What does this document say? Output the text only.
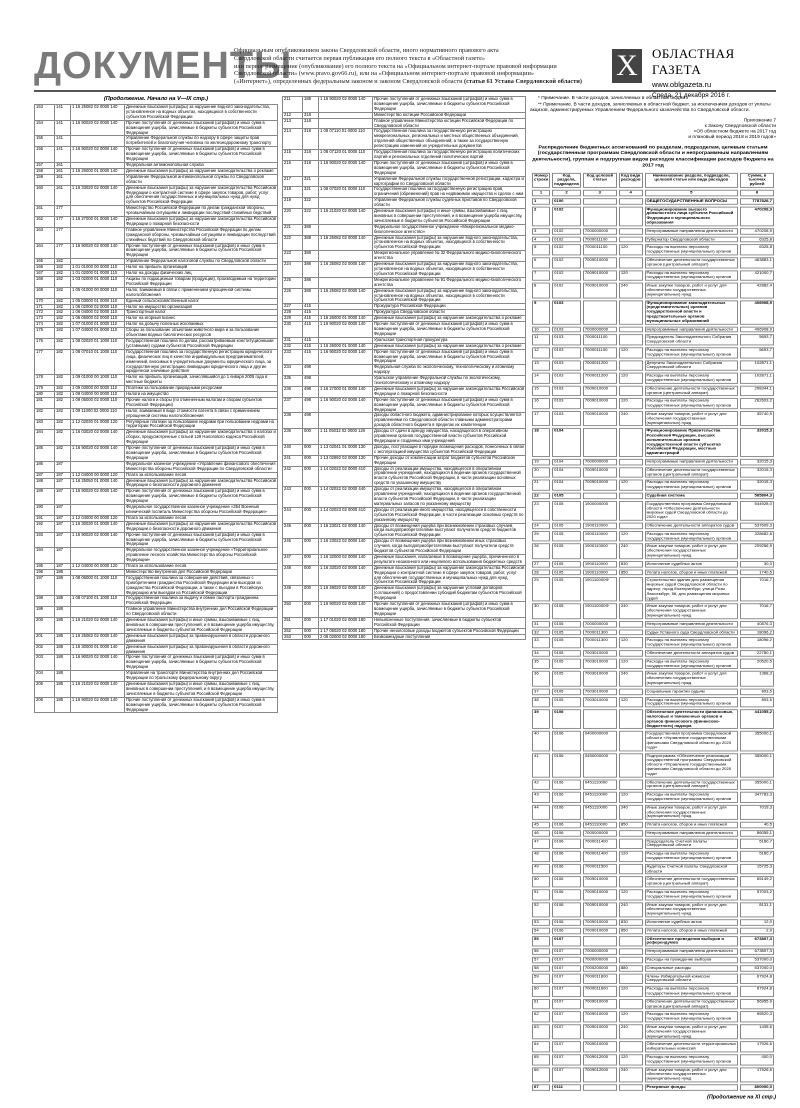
ДОКУМЕНТЫ
Официальным опубликованием закона Свердловской области, иного нормативного правового акта
Свердловской области считается первая публикация его полного текста в «Областной газете»
или первое размещение (опубликование) его полного текста на «Официальном интернет-портале правовой информации
Свердловской области» (www.pravo.gov66.ru), или на «Официальном интернет-портале правовой информации»
(«Интернет»), определенных федеральным законом и законом Свердловской области (статья 61 Устава Свердловской области)	X	ОБЛАСТНАЯ ГАЗЕТА
www.oblgazeta.ru
Среда, 21 декабря 2016 г.
(Продолжение. Начало на V—IX стр.)
153	141	1 16 25082 02 0000 140	Денежные взыскания (штрафы) за нарушение водного законодательства, установленное на водных объектах, находящихся в собственности субъектов Российской Федерации
154	141	1 16 90020 02 0000 140	Прочие поступления от денежных взысканий (штрафов) и иных сумм в возмещение ущерба, зачисляемые в бюджеты субъектов Российской Федерации
155	141		Управление Федеральной службы по надзору в сфере защиты прав потребителей и благополучия человека по железнодорожному транспорту
156	141	1 16 90020 02 0000 140	Прочие поступления от денежных взысканий (штрафов) и иных сумм в возмещение ущерба, зачисляемые в бюджеты субъектов Российской Федерации
157	161		Федеральная антимонопольная служба
158	161	1 16 26000 01 0000 140	Денежные взыскания (штрафы) за нарушение законодательства о рекламе
159	161		Управление Федеральной антимонопольной службы по Свердловской области
160	161	1 16 33020 02 0000 140	Денежные взыскания (штрафы) за нарушение законодательства Российской Федерации о контрактной системе в сфере закупок товаров, работ, услуг для обеспечения государственных и муниципальных нужд для нужд субъектов Российской Федерации
161	177		Министерство Российской Федерации по делам гражданской обороны, чрезвычайным ситуациям и ликвидации последствий стихийных бедствий
162	177	1 16 27000 01 0000 140	Денежные взыскания (штрафы) за нарушение законодательства Российской Федерации о пожарной безопасности
163	177		Главное управление Министерства Российской Федерации по делам гражданской обороны, чрезвычайным ситуациям и ликвидации последствий стихийных бедствий по Свердловской области
164	177	1 16 90020 02 0000 140	Прочие поступления от денежных взысканий (штрафов) и иных сумм в возмещение ущерба, зачисляемые в бюджеты субъектов Российской Федерации
165	182		Управление Федеральной налоговой службы по Свердловской области
166	182	1 01 01000 00 0000 110	Налог на прибыль организаций
167	182	1 01 02000 01 0000 110	Налог на доходы физических лиц
168	182	1 03 02000 01 0000 110	Акцизы по подакцизным товарам (продукции), производимым на территории Российской Федерации
169	182	1 05 01000 00 0000 110	Налог, взимаемый в связи с применением упрощенной системы налогообложения
170	182	1 05 03000 01 0000 110	Единый сельскохозяйственный налог
171	182	1 06 02000 02 0000 110	Налог на имущество организаций
172	182	1 06 04000 02 0000 110	Транспортный налог
173	182	1 06 05000 02 0000 110	Налог на игорный бизнес
174	182	1 07 01000 01 0000 110	Налог на добычу полезных ископаемых
175	182	1 07 04000 01 0000 110	Сборы за пользование объектами животного мира и за пользование объектами водных биологических ресурсов
176	182	1 08 02020 01 1000 110	Государственная пошлина по делам, рассматриваемым конституционными (уставными) судами субъектов Российской Федерации
177	182	1 08 07010 01 1000 110	Государственная пошлина за государственную регистрацию юридического лица, физических лиц в качестве индивидуальных предпринимателей, изменений, вносимых в учредительные документы юридического лица, за государственную регистрацию ликвидации юридического лица и другие юридически значимые действия
178	182	1 09 01000 00 1000 110	Налог на прибыль организаций, зачислявшийся до 1 января 2005 года в местные бюджеты
179	182	1 09 03000 00 0000 110	Платежи за пользование природными ресурсами
180	182	1 09 04000 00 0000 110	Налоги на имущество
181	182	1 09 06000 02 0000 110	Прочие налоги и сборы (по отмененным налогам и сборам субъектов Российской Федерации)
182	182	1 09 11000 02 0000 110	Налог, взимаемый в виде стоимости патента в связи с применением упрощенной системы налогообложения
183	182	1 12 02030 01 0000 120	Регулярные платежи за пользование недрами при пользовании недрами на территории Российской Федерации
184	182	1 16 03020 02 0000 140	Денежные взыскания (штрафы) за нарушение законодательства о налогах и сборах, предусмотренные статьей 129 Налогового кодекса Российской Федерации
185	182	1 16 90020 02 0000 140	Прочие поступления от денежных взысканий (штрафов) и иных сумм в возмещение ущерба, зачисляемые в бюджеты субъектов Российской Федерации
186	187		Федеральное казенное учреждение «Управление финансового обеспечения Министерства обороны Российской Федерации по Свердловской области»
187	187	1 12 04000 00 0000 120	Плата за использование лесов
188	187	1 16 25050 01 0000 140	Денежные взыскания (штрафы) за нарушение законодательства Российской Федерации о безопасности дорожного движения
189	187	1 16 90020 02 0000 140	Прочие поступления от денежных взысканий (штрафов) и иных сумм в возмещение ущерба, зачисляемые в бюджеты субъектов Российской Федерации
190	187		Федеральное государственное казенное учреждение «354 Военный клинический госпиталь Министерства обороны Российской Федерации»
191	187	1 12 04000 00 0000 120	Плата за использование лесов
192	187	1 16 30030 01 0000 140	Денежные взыскания (штрафы) за нарушение законодательства Российской Федерации о безопасности дорожного движения
193	187	1 16 90020 02 0000 140	Прочие поступления от денежных взысканий (штрафов) и иных сумм в возмещение ущерба, зачисляемые в бюджеты субъектов Российской Федерации
194	187		Федеральное государственное казенное учреждение «Территориальное управление лесного хозяйства Министерства обороны Российской Федерации»
195	187	1 12 04000 00 0000 120	Плата за использование лесов
196	188		Министерство внутренних дел Российской Федерации
197	188	1 08 06000 01 1000 110	Государственная пошлина за совершение действий, связанных с приобретением гражданства Российской Федерации или выходом из гражданства Российской Федерации, а также с въездом в Российскую Федерацию или выездом из Российской Федерации
198	188	1 08 07100 01 1000 110	Государственная пошлина за выдачу и обмен паспорта гражданина Российской Федерации
199	188		Главное управление Министерства внутренних дел Российской Федерации по Свердловской области
200	188	1 16 21020 02 0000 140	Денежные взыскания (штрафы) и иные суммы, взыскиваемые с лиц, виновных в совершении преступлений, и в возмещение ущерба имуществу, зачисляемые в бюджеты субъектов Российской Федерации
201	188	1 16 25082 02 0000 140	Денежные взыскания (штрафы) за правонарушения в области дорожного движения
202	188	1 16 30000 01 0000 140	Денежные взыскания (штрафы) за правонарушения в области дорожного движения
203	188	1 16 90020 02 0000 140	Прочие поступления от денежных взысканий (штрафов) и иных сумм в возмещение ущерба, зачисляемые в бюджеты субъектов Российской Федерации
204	188		Управление на транспорте Министерства внутренних дел Российской Федерации по Уральскому федеральному округу
205	188	1 16 21020 02 0000 140	Денежные взыскания (штрафы) и иные суммы, взыскиваемые с лиц, виновных в совершении преступлений, и в возмещение ущерба имуществу, зачисляемые в бюджеты субъектов Российской Федерации
206	188	1 16 90020 02 0000 140	Прочие поступления от денежных взысканий (штрафов) и иных сумм в возмещение ущерба, зачисляемые в бюджеты субъектов Российской Федерации
211	188	1 16 90020 02 0000 140	Прочие поступления от денежных взысканий (штрафов) и иных сумм в возмещение ущерба, зачисляемые в бюджеты субъектов Российской Федерации
212	318		Министерство юстиции Российской Федерации
213	318		Главное управление Министерства юстиции Российской Федерации по Свердловской области
214	318	1 08 07110 01 0000 110	Государственная пошлина за государственную регистрацию межрегиональных, региональных и местных общественных объединений, отделений общественных объединений, а также за государственную регистрацию изменений их учредительных документов
215	318	1 08 07120 01 0000 110	Государственная пошлина за государственную регистрацию политических партий и региональных отделений политических партий
216	318	1 16 90020 02 0000 140	Прочие поступления от денежных взысканий (штрафов) и иных сумм в возмещение ущерба, зачисляемые в бюджеты субъектов Российской Федерации
217	321		Управление Федеральной службы государственной регистрации, кадастра и картографии по Свердловской области
218	321	1 08 07020 01 0000 110	Государственная пошлина за государственную регистрацию прав, ограничений (обременений) прав на недвижимое имущество и сделок с ним
219	322		Управление Федеральной службы судебных приставов по Свердловской области
220	322	1 16 21020 02 0000 140	Денежные взыскания (штрафы) и иные суммы, взыскиваемые с лиц, виновных в совершении преступлений, и в возмещение ущерба имуществу, зачисляемые в бюджеты субъектов Российской Федерации
221	388		Федеральное государственное учреждение «Межрегиональное медико-биологическое агентство»
222	388	1 16 25082 02 0000 140	Денежные взыскания (штрафы) за нарушение водного законодательства, установленное на водных объектах, находящихся в собственности субъектов Российской Федерации
223	388		Межрегиональное управление № 32 Федерального медико-биологического агентства
224	388	1 16 25082 02 0000 140	Денежные взыскания (штрафы) за нарушение водного законодательства, установленное на водных объектах, находящихся в собственности субъектов Российской Федерации
225	388		Межрегиональное управление № 91 Федерального медико-биологического агентства
226	388	1 16 25082 02 0000 140	Денежные взыскания (штрафы) за нарушение водного законодательства, установленное на водных объектах, находящихся в собственности субъектов Российской Федерации
227	415		Прокуратура Российской Федерации
228	415		Прокуратура Свердловской области
229	415	1 16 26000 01 0000 140	Денежные взыскания (штрафы) за нарушение законодательства о рекламе
230	415	1 16 90020 02 0000 140	Прочие поступления от денежных взысканий (штрафов) и иных сумм в возмещение ущерба, зачисляемые в бюджеты субъектов Российской Федерации
231	415		Уральская транспортная прокуратура
232	415	1 16 26000 01 0000 140	Денежные взыскания (штрафы) за нарушение законодательства о рекламе
233	415	1 16 90020 02 0000 140	Прочие поступления от денежных взысканий (штрафов) и иных сумм в возмещение ущерба, зачисляемые в бюджеты субъектов Российской Федерации
234	498		Федеральная служба по экологическому, технологическому и атомному надзору
235	498		Уральское управление Федеральной службы по экологическому, технологическому и атомному надзору
236	498	1 16 27000 01 0000 140	Денежные взыскания (штрафы) за нарушение законодательства Российской Федерации о пожарной безопасности
237	498	1 16 90020 02 0000 140	Прочие поступления от денежных взысканий (штрафов) и иных сумм в возмещение ущерба, зачисляемые в бюджеты субъектов Российской Федерации
238	498		Доходы областного бюджета, администрирование которых осуществляется управлениями по Свердловской области главными администраторами доходов областного бюджета в пределах их компетенции
239	000	1 11 05032 02 0000 120	Доходы от сдачи в аренду имущества, находящегося в оперативном управлении органов государственной власти субъектов Российской Федерации и созданных ими учреждений
240	000	1 13 02041 01 0000 130	Доходы, поступающие в порядке возмещения расходов, понесенных в связи с эксплуатацией имущества субъектов Российской Федерации
241	000	1 13 02992 02 0000 130	Прочие доходы от компенсации затрат бюджетов субъектов Российской Федерации
242	000	1 14 02022 02 0000 410	Доходы от реализации имущества, находящегося в оперативном управлении учреждений, находящихся в ведении органов государственной власти субъектов Российской Федерации, в части реализации основных средств по указанному имуществу
243	000	1 14 02022 02 0000 440	Доходы от реализации имущества, находящегося в оперативном управлении учреждений, находящихся в ведении органов государственной власти субъектов Российской Федерации, в части реализации материальных запасов по указанному имуществу
244	000	1 14 02023 02 0000 410	Доходы от реализации иного имущества, находящегося в собственности субъектов Российской Федерации, в части реализации основных средств по указанному имуществу
245	000	1 16 23021 02 0000 140	Доходы от возмещения ущерба при возникновении страховых случаев, когда выгодоприобретателями выступают получатели средств бюджетов субъектов Российской Федерации
246	000	1 16 23022 02 0000 140	Доходы от возмещения ущерба при возникновении иных страховых случаев, когда выгодоприобретателями выступают получатели средств бюджетов субъектов Российской Федерации
247	000	1 16 32000 02 0000 140	Денежные взыскания, налагаемые в возмещение ущерба, причиненного в результате незаконного или нецелевого использования бюджетных средств
248	000	1 16 33020 02 0000 140	Денежные взыскания (штрафы) за нарушение законодательства Российской Федерации о контрактной системе в сфере закупок товаров, работ, услуг для обеспечения государственных и муниципальных нужд для нужд субъектов Российской Федерации
249	000	1 16 49020 02 0000 140	Денежные взыскания (штрафы) за нарушение условий договоров (соглашений) о предоставлении субсидий бюджетам субъектов Российской Федерации
250	000	1 16 90020 02 0000 140	Прочие поступления от денежных взысканий (штрафов) и иных сумм в возмещение ущерба, зачисляемые в бюджеты субъектов Российской Федерации
251	000	1 17 01020 02 0000 180	Невыясненные поступления, зачисляемые в бюджеты субъектов Российской Федерации
252	000	1 17 05020 02 0000 180	Прочие неналоговые доходы бюджетов субъектов Российской Федерации
253	000	2 08 02000 02 0000 180	Безвозмездные поступления

* Примечание. В части доходов, зачисляемых в областной бюджет.

** Примечание. В части доходов, зачисляемых в областной бюджет, за исключением доходов от уплаты акцизов, администрируемых Управлением Федерального казначейства по Свердловской области.

Приложение 7
к Закону Свердловской области
«Об областном бюджете на 2017 год
и плановый период 2018 и 2019 годов»
Распределение бюджетных ассигнований по разделам, подразделам, целевым статьям (государственным программам Свердловской области и непрограммным направлениям деятельности), группам и подгруппам видов расходов классификации расходов бюджета на 2017 год
Номер строки	Код раздела, подраздела	Код целевой статьи	Код вида расходов	Наименование раздела, подраздела, целевой статьи или вида расходов	Сумма, в тысячах рублей
1	2	3	4	5	6
1	0100			ОБЩЕГОСУДАРСТВЕННЫЕ ВОПРОСЫ	7787826,7
2	0102			Функционирование высшего должностного лица субъекта Российской Федерации и муниципального образования	470208,9
3	0102	7000000000		Непрограммные направления деятельности	470208,9
4	0102	7000011100		Губернатор Свердловской области	6325,8
5	0102	7000011100	120	Расходы на выплаты персоналу государственных (муниципальных) органов	6325,8
6	0102	7009010000		Обеспечение деятельности государственных органов (центральный аппарат)	463883,1
7	0102	7009010000	120	Расходы на выплаты персоналу государственных (муниципальных) органов	421000,7
8	0102	7009010000	240	Иные закупки товаров, работ и услуг для обеспечения государственных (муниципальных) нужд	42882,4
9	0103			Функционирование законодательных (представительных) органов государственной власти и представительных органов муниципальных образований	406908,9
10	0103	7000000000		Непрограммные направления деятельности	406908,9
11	0103	7000011100		Председатель Законодательного Собрания Свердловской области	5693,7
12	0103	7000011100	120	Расходы на выплаты персоналу государственных (муниципальных) органов	5693,7
13	0103	7000011200		Депутаты Законодательного Собрания Свердловской области	102871,1
14	0103	7000011200	120	Расходы на выплаты персоналу государственных (муниципальных) органов	102871,1
15	0103	7009010000		Обеспечение деятельности государственных органов (центральный аппарат)	298344,1
16	0103	7009010000	120	Расходы на выплаты персоналу государственных (муниципальных) органов	262603,2
17	0103	7009010000	240	Иные закупки товаров, работ и услуг для обеспечения государственных (муниципальных) нужд	35740,9
18	0104			Функционирование Правительства Российской Федерации, высших исполнительных органов государственной власти субъектов Российской Федерации, местных администраций	32015,3
19	0104	7000000000		Непрограммные направления деятельности	32015,3
20	0104	7009010000		Обеспечение деятельности государственных органов (центральный аппарат)	32015,3
21	0104	7009010000	120	Расходы на выплаты персоналу государственных (муниципальных) органов	32015,3
22	0105			Судебная система	565804,3
23	0105	1900000000		Государственная программа Свердловской области «Обеспечение деятельности мировых судей Свердловской области до 2020 года»	544928,0
24	0105	1900110000		Обеспечение деятельности аппаратов судов	537609,3
25	0105	1900110000	120	Расходы на выплаты персоналу государственных (муниципальных) органов	328682,6
26	0105	1900110000	240	Иные закупки товаров, работ и услуг для обеспечения государственных (муниципальных) нужд	209256,9
27	0105	1900110000	830	Исполнение судебных актов	30,0
28	0105	1900110000	850	Уплата налогов, сборов и иных платежей	1740,5
29	0105	190110000Ф		Строительство здания для размещения мировых судей Свердловской области по адресу: город Екатеринбург, улица Розы Люксембург, 56, для размещения мировых судей	7016,7
30	0105	190110000Ф	240	Иные закупки товаров, работ и услуг для обеспечения государственных (муниципальных) нужд	7016,7
31	0105	7000000000		Непрограммные направления деятельности	40876,3
32	0105	7000011300		Судьи Уставного суда Свердловской области	18096,2
33	0105	7000011300	120	Расходы на выплаты персоналу государственных (муниципальных) органов	18096,2
34	0105	7003010000		Обеспечение деятельности аппаратов судов	22780,1
35	0105	7003010000	120	Расходы на выплаты персоналу государственных (муниципальных) органов	20520,5
36	0105	7003010000	240	Иные закупки товаров, работ и услуг для обеспечения государственных (муниципальных) нужд	1368,3
37	0105	7003010000		Социальные гарантии судьям	893,5
38	0105	7003010000	120	Расходы на выплаты персоналу государственных (муниципальных) органов	893,5
39	0106			Обеспечение деятельности финансовых, налоговых и таможенных органов и органов финансового (финансово-бюджетного) надзора	441055,2
40	0106	0400000000		Государственная программа Свердловской области «Управление государственными финансами Свердловской области до 2020 года»	355000,1
41	0106	0450000000		Подпрограмма «Обеспечение реализации государственной программы Свердловской области «Управление государственными финансами Свердловской области до 2020 года»	355000,1
42	0106	0451110000		Обеспечение деятельности государственных органов (центральный аппарат)	355000,1
43	0106	0451110000	120	Расходы на выплаты персоналу государственных (муниципальных) органов	347783,3
44	0106	0451110000	240	Иные закупки товаров, работ и услуг для обеспечения государственных (муниципальных) нужд	7019,3
45	0106	0451110000	850	Уплата налогов, сборов и иных платежей	40,5
46	0106	7000000000		Непрограммные направления деятельности	86055,1
47	0106	7000011400		Председатель Счетной палаты Свердловской области	5180,7
48	0106	7000011400	120	Расходы на выплаты персоналу государственных (муниципальных) органов	5180,7
49	0106	7000011500		Аудиторы Счетной палаты Свердловской области	15725,3
50	0106	7009010000		Обеспечение деятельности государственных органов (центральный аппарат)	65149,2
51	0106	7009010000	120	Расходы на выплаты персоналу государственных (муниципальных) органов	57003,2
52	0106	7009010000	240	Иные закупки товаров, работ и услуг для обеспечения государственных (муниципальных) нужд	8131,1
53	0106	7009010000	830	Исполнение судебных актов	12,0
54	0106	7009010000	850	Уплата налогов, сборов и иных платежей	2,9
55	0107			Обеспечение проведения выборов и референдумов	673807,3
56	0107	7000000000		Непрограммные направления деятельности	673807,3
57	0107	7000000000		Расходы на проведение выборов	537000,0
58	0107	7000200000	880	Специальные расходы	537000,0
59	0107	7000011600		Члены Избирательной комиссии Свердловской области	67924,8
60	0107	7000011600	120	Расходы на выплаты персоналу государственных (муниципальных) органов	67924,8
61	0107	7009010000		Обеспечение деятельности государственных органов (центральный аппарат)	56955,9
62	0107	7009010000	120	Расходы на выплаты персоналу государственных (муниципальных) органов	55520,3
63	0107	7009010000	240	Иные закупки товаров, работ и услуг для обеспечения государственных (муниципальных) нужд	1435,6
64	0107	7009010000		Обеспечение деятельности территориальных избирательных комиссий	17926,6
65	0107	7009012000	120	Расходы на выплаты персоналу государственных (муниципальных) органов	400,0
66	0107	7009012000	240	Иные закупки товаров, работ и услуг для обеспечения государственных (муниципальных) нужд	17526,6
67	0111			Резервные фонды	800000,0
(Продолжение на XI стр.)
